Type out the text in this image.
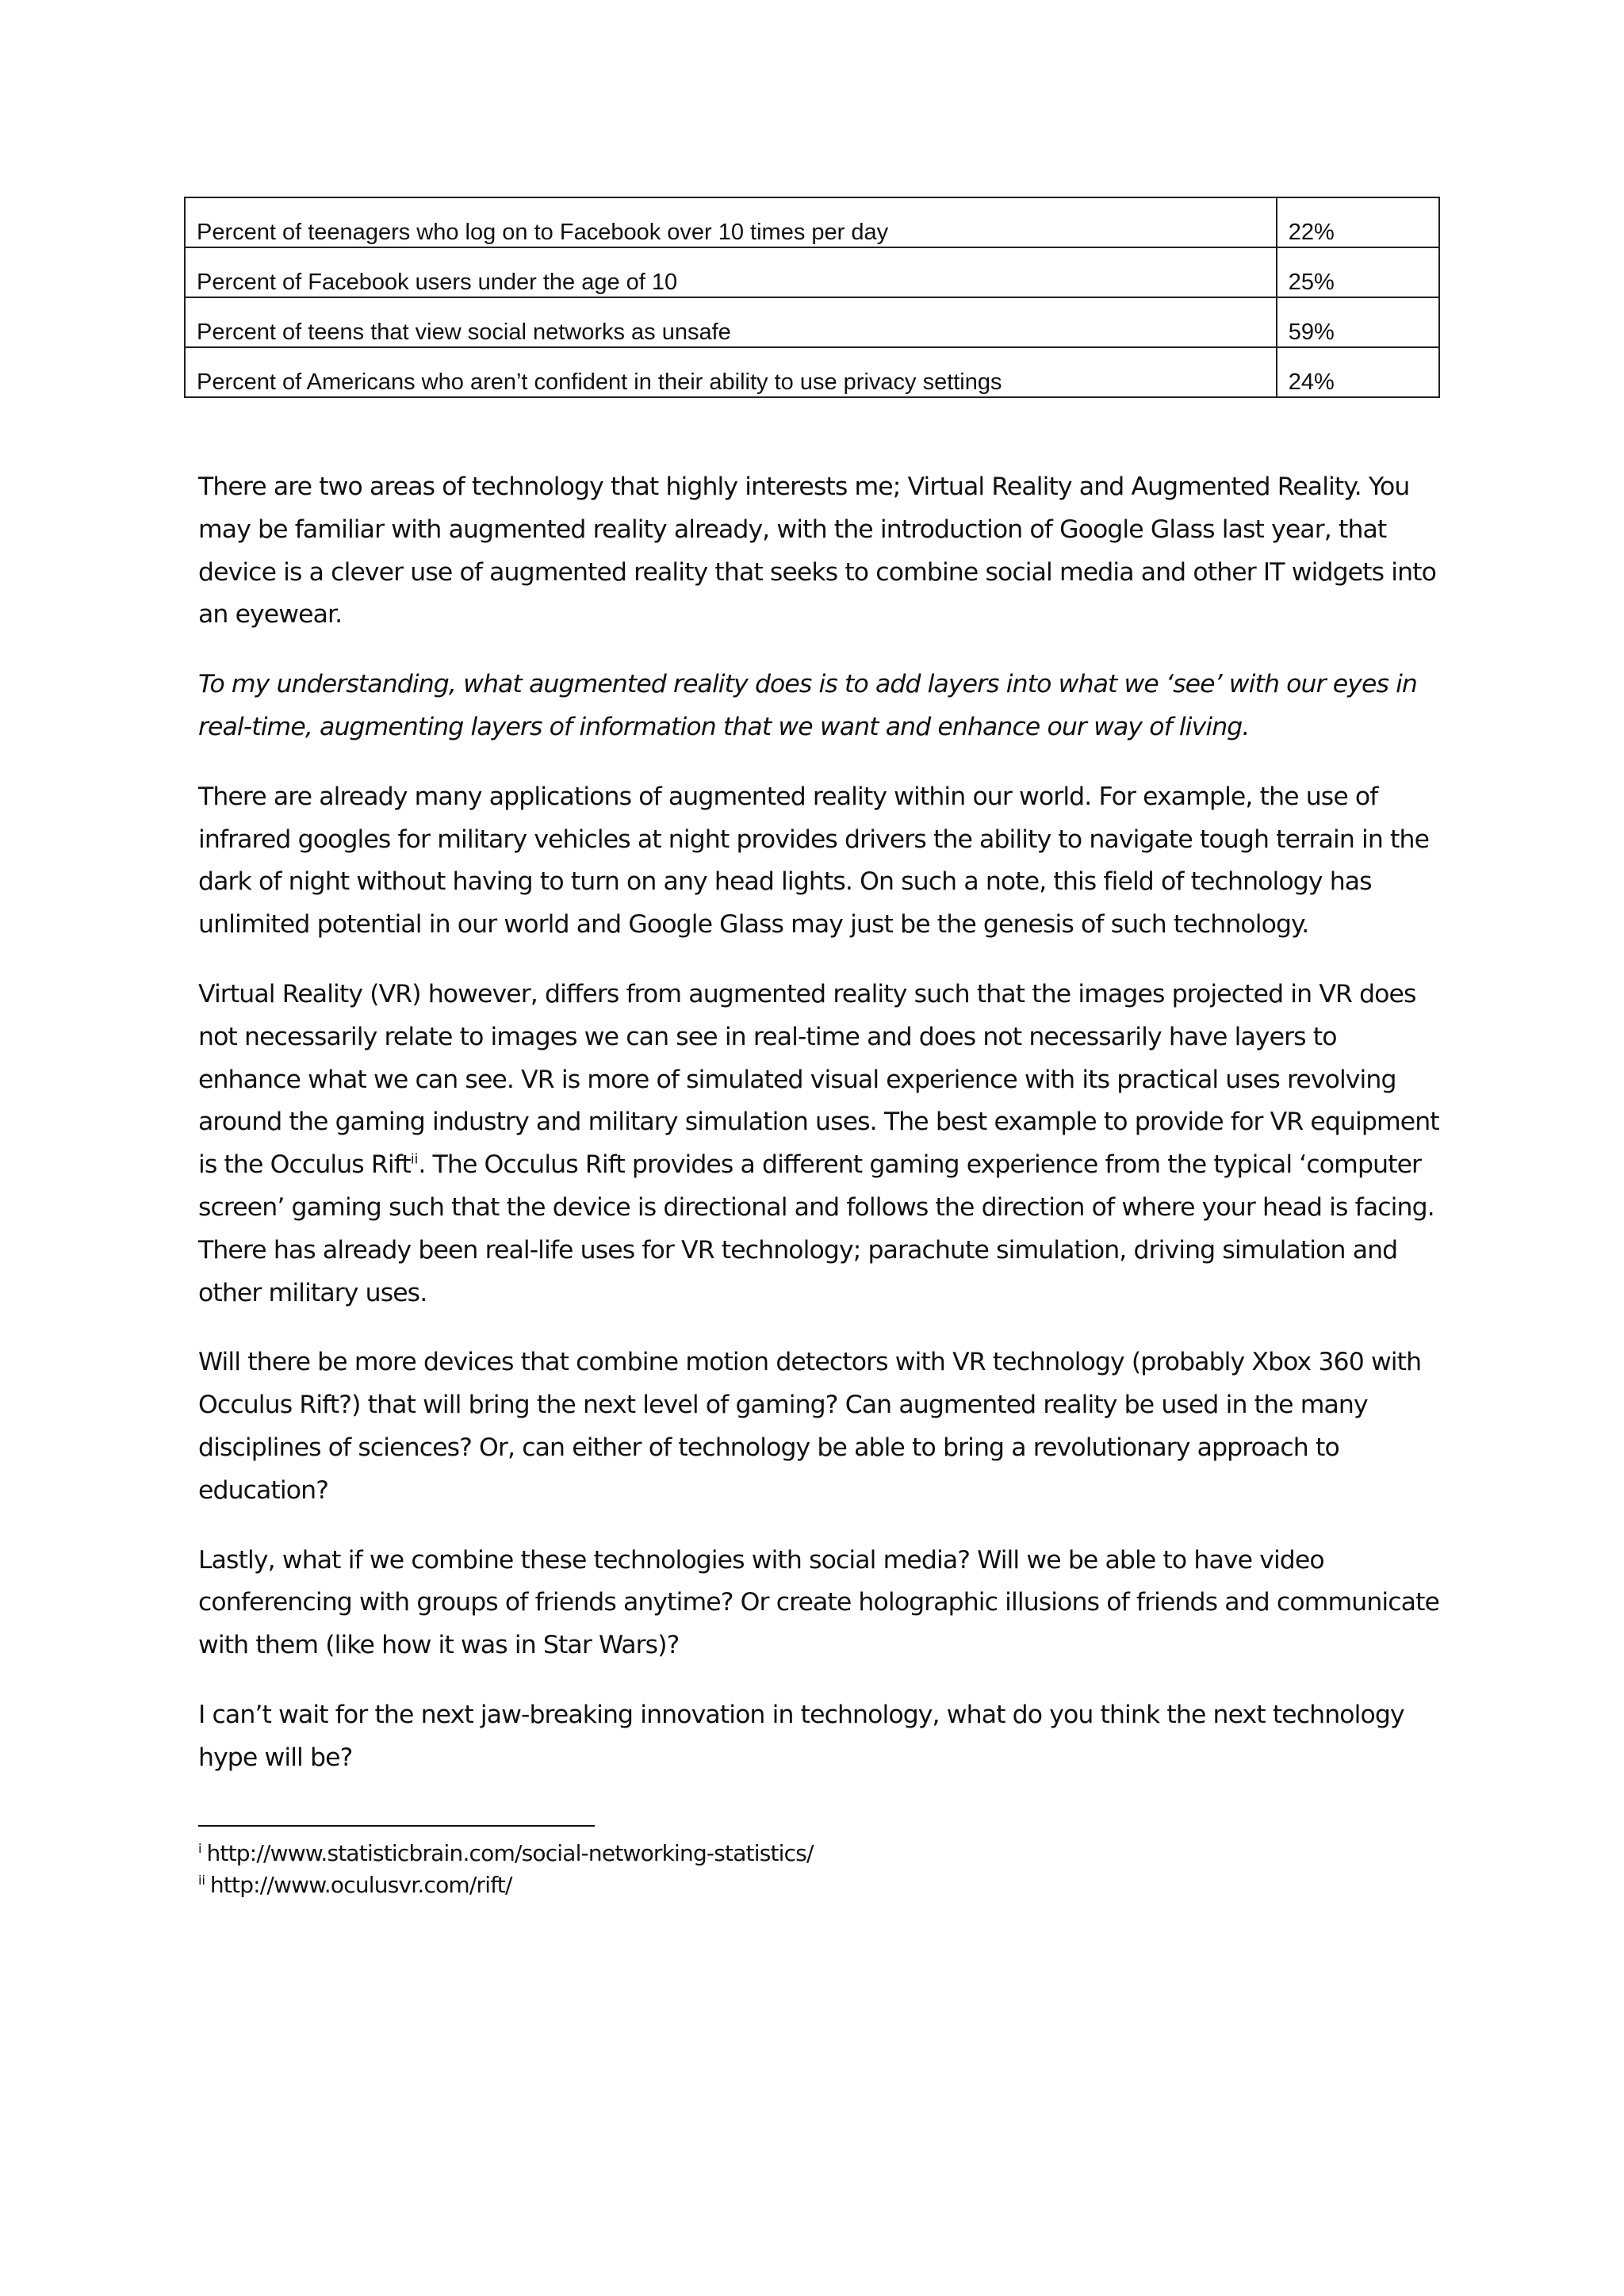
Percent of teenagers who log on to Facebook over 10 times per day	22%
Percent of Facebook users under the age of 10	25%
Percent of teens that view social networks as unsafe	59%
Percent of Americans who aren’t confident in their ability to use privacy settings	24%

There are two areas of technology that highly interests me; Virtual Reality and Augmented Reality. You may be familiar with augmented reality already, with the introduction of Google Glass last year, that device is a clever use of augmented reality that seeks to combine social media and other IT widgets into an eyewear.

To my understanding, what augmented reality does is to add layers into what we ‘see’ with our eyes in real-time, augmenting layers of information that we want and enhance our way of living.

There are already many applications of augmented reality within our world. For example, the use of infrared googles for military vehicles at night provides drivers the ability to navigate tough terrain in the dark of night without having to turn on any head lights. On such a note, this field of technology has unlimited potential in our world and Google Glass may just be the genesis of such technology.

Virtual Reality (VR) however, differs from augmented reality such that the images projected in VR does not necessarily relate to images we can see in real-time and does not necessarily have layers to enhance what we can see. VR is more of simulated visual experience with its practical uses revolving around the gaming industry and military simulation uses. The best example to provide for VR equipment is the Occulus Rift$^{ii}$. The Occulus Rift provides a different gaming experience from the typical ‘computer screen’ gaming such that the device is directional and follows the direction of where your head is facing. There has already been real-life uses for VR technology; parachute simulation, driving simulation and other military uses.

Will there be more devices that combine motion detectors with VR technology (probably Xbox 360 with Occulus Rift?) that will bring the next level of gaming? Can augmented reality be used in the many disciplines of sciences? Or, can either of technology be able to bring a revolutionary approach to education?

Lastly, what if we combine these technologies with social media? Will we be able to have video conferencing with groups of friends anytime? Or create holographic illusions of friends and communicate with them (like how it was in Star Wars)?

I can’t wait for the next jaw-breaking innovation in technology, what do you think the next technology hype will be?

$^i$ http://www.statisticbrain.com/social-networking-statistics/

$^{ii}$ http://www.oculusvr.com/rift/
